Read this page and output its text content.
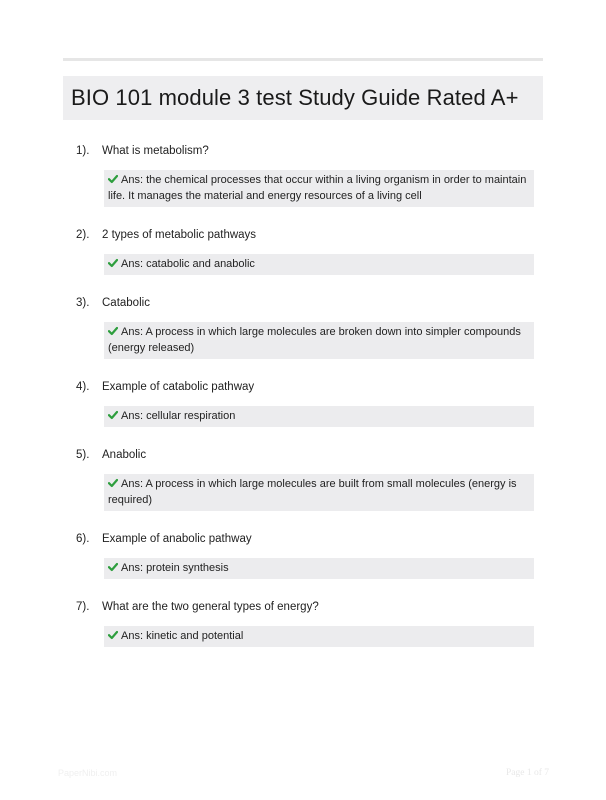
BIO 101 module 3 test Study Guide Rated A+
1). What is metabolism?
Ans: the chemical processes that occur within a living organism in order to maintain life. It manages the material and energy resources of a living cell
2). 2 types of metabolic pathways
Ans: catabolic and anabolic
3). Catabolic
Ans: A process in which large molecules are broken down into simpler compounds (energy released)
4). Example of catabolic pathway
Ans: cellular respiration
5). Anabolic
Ans: A process in which large molecules are built from small molecules (energy is required)
6). Example of anabolic pathway
Ans: protein synthesis
7). What are the two general types of energy?
Ans: kinetic and potential
PaperNibi.com	Page 1 of 7
